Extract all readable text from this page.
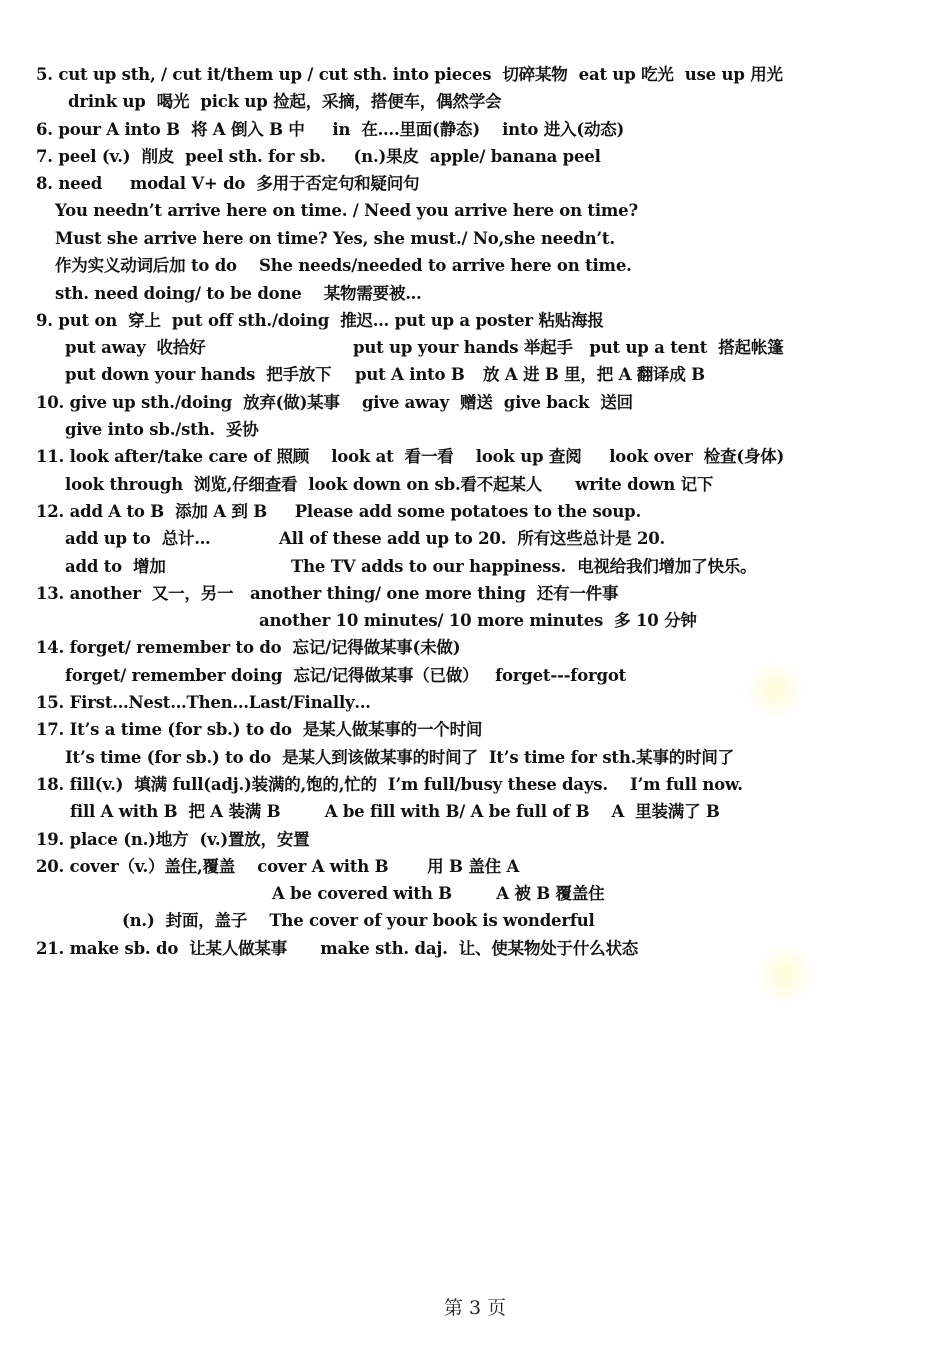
5. cut up sth, / cut it/them up / cut sth. into pieces  切碎某物  eat up 吃光  use up 用光
drink up  喝光  pick up 捡起，采摘，搭便车，偶然学会
6. pour A into B  将 A 倒入 B 中     in  在….里面(静态)    into 进入(动态)
7. peel (v.)  削皮  peel sth. for sb.     (n.)果皮  apple/ banana peel
8. need     modal V+ do  多用于否定句和疑问句
You needn’t arrive here on time. / Need you arrive here on time?
Must she arrive here on time? Yes, she must./ No,she needn’t.
作为实义动词后加 to do    She needs/needed to arrive here on time.
sth. need doing/ to be done    某物需要被…
9. put on  穿上  put off sth./doing  推迟… put up a poster 粘贴海报
put away  收拾好	put up your hands 举起手   put up a tent  搭起帐篷
put down your hands  把手放下 put A into B 放 A 进 B 里，把 A 翻译成 B
10. give up sth./doing  放弃(做)某事    give away  赠送  give back  送回
give into sb./sth.  妥协
11. look after/take care of 照顾    look at  看一看    look up 查阅     look over  检查(身体)
look through  浏览,仔细查看  look down on sb.看不起某人      write down 记下
12. add A to B  添加 A 到 B     Please add some potatoes to the soup.
add up to  总计…	All of these add up to 20.  所有这些总计是 20.
add to  增加	The TV adds to our happiness.  电视给我们增加了快乐。
13. another  又一，另一   another thing/ one more thing  还有一件事
another 10 minutes/ 10 more minutes  多 10 分钟
14. forget/ remember to do  忘记/记得做某事(未做)
forget/ remember doing  忘记/记得做某事（已做）   forget---forgot
15. First…Nest…Then…Last/Finally…
17. It’s a time (for sb.) to do  是某人做某事的一个时间
It’s time (for sb.) to do  是某人到该做某事的时间了  It’s time for sth.某事的时间了
18. fill(v.)  填满 full(adj.)装满的,饱的,忙的  I’m full/busy these days.    I’m full now.
fill A with B  把 A 装满 B        A be fill with B/ A be full of B    A  里装满了 B
19. place (n.)地方  (v.)置放，安置
20. cover（v.）盖住,覆盖    cover A with B       用 B 盖住 A
A be covered with B        A 被 B 覆盖住
(n.)  封面，盖子    The cover of your book is wonderful
21. make sb. do  让某人做某事      make sth. daj.  让、使某物处于什么状态
第 3 页
